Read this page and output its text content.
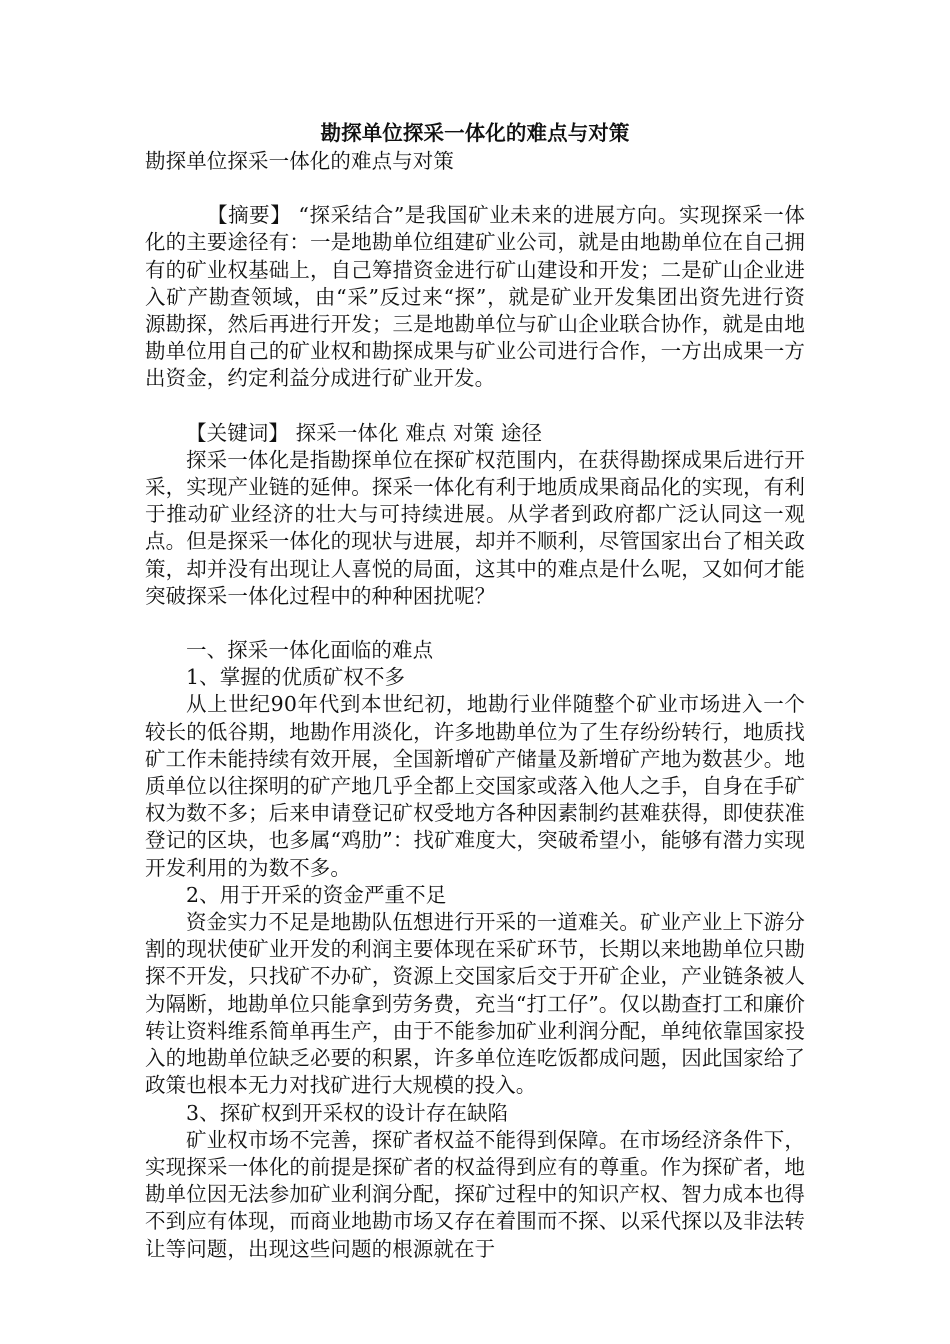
勘探单位探采一体化的难点与对策

勘探单位探采一体化的难点与对策

【摘要】 “探采结合”是我国矿业未来的进展方向。实现探采一体化的主要途径有：一是地勘单位组建矿业公司，就是由地勘单位在自己拥有的矿业权基础上，自己筹措资金进行矿山建设和开发；二是矿山企业进入矿产勘查领域，由“采”反过来“探”，就是矿业开发集团出资先进行资源勘探，然后再进行开发；三是地勘单位与矿山企业联合协作，就是由地勘单位用自己的矿业权和勘探成果与矿业公司进行合作，一方出成果一方出资金，约定利益分成进行矿业开发。

【关键词】 探采一体化 难点 对策 途径

探采一体化是指勘探单位在探矿权范围内，在获得勘探成果后进行开采，实现产业链的延伸。探采一体化有利于地质成果商品化的实现，有利于推动矿业经济的壮大与可持续进展。从学者到政府都广泛认同这一观点。但是探采一体化的现状与进展，却并不顺利，尽管国家出台了相关政策，却并没有出现让人喜悦的局面，这其中的难点是什么呢，又如何才能突破探采一体化过程中的种种困扰呢？

一、探采一体化面临的难点

1、掌握的优质矿权不多

从上世纪90年代到本世纪初，地勘行业伴随整个矿业市场进入一个较长的低谷期，地勘作用淡化，许多地勘单位为了生存纷纷转行，地质找矿工作未能持续有效开展，全国新增矿产储量及新增矿产地为数甚少。地质单位以往探明的矿产地几乎全都上交国家或落入他人之手，自身在手矿权为数不多；后来申请登记矿权受地方各种因素制约甚难获得，即使获准登记的区块，也多属“鸡肋”：找矿难度大，突破希望小，能够有潜力实现开发利用的为数不多。

2、用于开采的资金严重不足

资金实力不足是地勘队伍想进行开采的一道难关。矿业产业上下游分割的现状使矿业开发的利润主要体现在采矿环节，长期以来地勘单位只勘探不开发，只找矿不办矿，资源上交国家后交于开矿企业，产业链条被人为隔断，地勘单位只能拿到劳务费，充当“打工仔”。仅以勘查打工和廉价转让资料维系简单再生产，由于不能参加矿业利润分配，单纯依靠国家投入的地勘单位缺乏必要的积累，许多单位连吃饭都成问题，因此国家给了政策也根本无力对找矿进行大规模的投入。

3、探矿权到开采权的设计存在缺陷

矿业权市场不完善，探矿者权益不能得到保障。在市场经济条件下，实现探采一体化的前提是探矿者的权益得到应有的尊重。作为探矿者，地勘单位因无法参加矿业利润分配，探矿过程中的知识产权、智力成本也得不到应有体现，而商业地勘市场又存在着围而不探、以采代探以及非法转让等问题，出现这些问题的根源就在于
